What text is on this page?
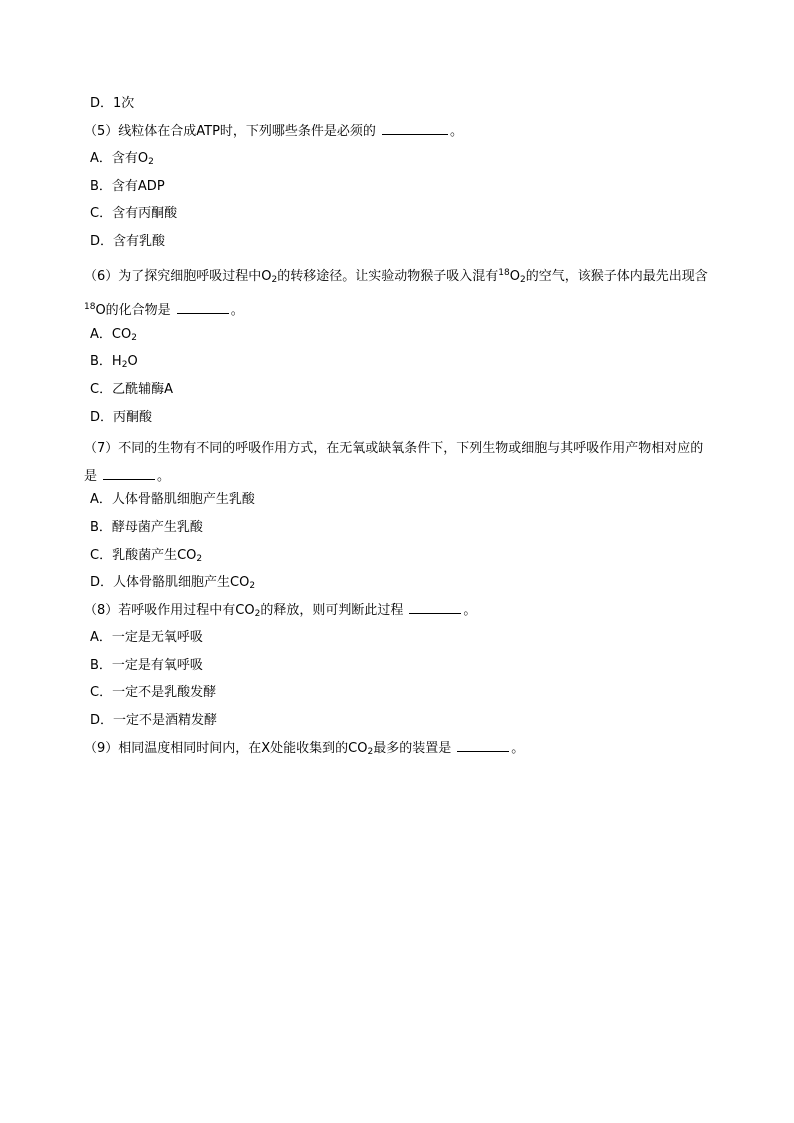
D．1次
（5）线粒体在合成ATP时，下列哪些条件是必须的	。
A．含有$O_2$
B．含有ADP
C．含有丙酮酸
D．含有乳酸
（6）为了探究细胞呼吸过程中$O_2$的转移途径。让实验动物猴子吸入混有$^{18}O_2$的空气，该猴子体内最先出现含$^{18}$O的化合物是	。
A．$CO_2$
B．$H_2O$
C．乙酰辅酶A
D．丙酮酸
（7）不同的生物有不同的呼吸作用方式，在无氧或缺氧条件下，下列生物或细胞与其呼吸作用产物相对应的是	。
A．人体骨骼肌细胞产生乳酸
B．酵母菌产生乳酸
C．乳酸菌产生$CO_2$
D．人体骨骼肌细胞产生$CO_2$
（8）若呼吸作用过程中有$CO_2$的释放，则可判断此过程	。
A．一定是无氧呼吸
B．一定是有氧呼吸
C．一定不是乳酸发酵
D．一定不是酒精发酵
（9）相同温度相同时间内，在X处能收集到的$CO_2$最多的装置是	。
